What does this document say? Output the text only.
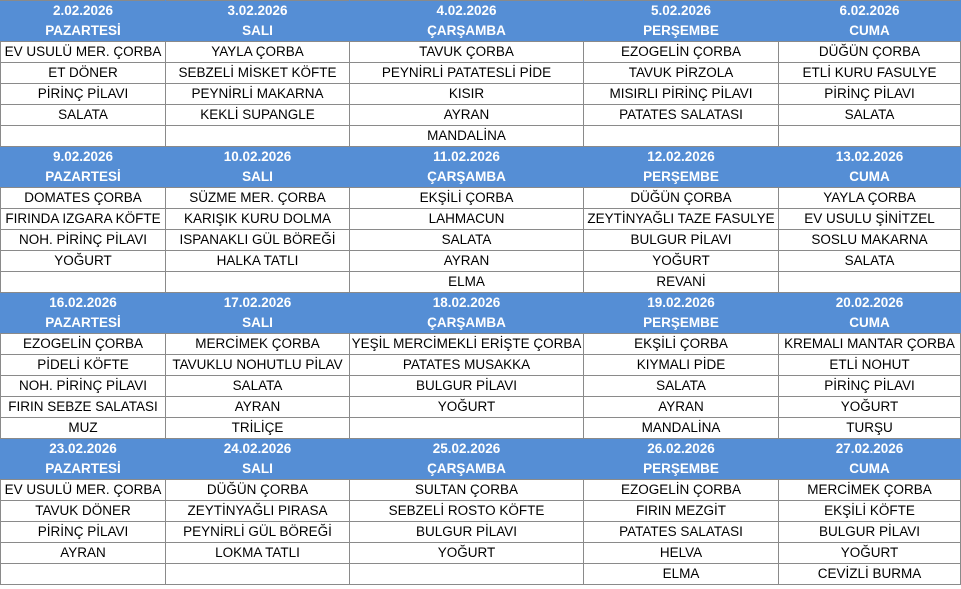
2.02.2026	3.02.2026	4.02.2026	5.02.2026	6.02.2026
PAZARTESİ	SALI	ÇARŞAMBA	PERŞEMBE	CUMA
EV USULÜ MER. ÇORBA	YAYLA ÇORBA	TAVUK ÇORBA	EZOGELİN ÇORBA	DÜĞÜN ÇORBA
ET DÖNER	SEBZELİ MİSKET KÖFTE	PEYNİRLİ PATATESLİ PİDE	TAVUK PİRZOLA	ETLİ KURU FASULYE
PİRİNÇ PİLAVI	PEYNİRLİ MAKARNA	KISIR	MISIRLI PİRİNÇ PİLAVI	PİRİNÇ PİLAVI
SALATA	KEKLİ SUPANGLE	AYRAN	PATATES SALATASI	SALATA
		MANDALİNA		
9.02.2026	10.02.2026	11.02.2026	12.02.2026	13.02.2026
PAZARTESİ	SALI	ÇARŞAMBA	PERŞEMBE	CUMA
DOMATES ÇORBA	SÜZME MER. ÇORBA	EKŞİLİ ÇORBA	DÜĞÜN ÇORBA	YAYLA ÇORBA
FIRINDA IZGARA KÖFTE	KARIŞIK KURU DOLMA	LAHMACUN	ZEYTİNYAĞLI TAZE FASULYE	EV USULU ŞİNİTZEL
NOH. PİRİNÇ PİLAVI	ISPANAKLI GÜL BÖREĞİ	SALATA	BULGUR PİLAVI	SOSLU MAKARNA
YOĞURT	HALKA TATLI	AYRAN	YOĞURT	SALATA
		ELMA	REVANİ	
16.02.2026	17.02.2026	18.02.2026	19.02.2026	20.02.2026
PAZARTESİ	SALI	ÇARŞAMBA	PERŞEMBE	CUMA
EZOGELİN ÇORBA	MERCİMEK ÇORBA	YEŞİL MERCİMEKLİ ERİŞTE ÇORBA	EKŞİLİ ÇORBA	KREMALI MANTAR ÇORBA
PİDELİ KÖFTE	TAVUKLU NOHUTLU PİLAV	PATATES MUSAKKA	KIYMALI PİDE	ETLİ NOHUT
NOH. PİRİNÇ PİLAVI	SALATA	BULGUR PİLAVI	SALATA	PİRİNÇ PİLAVI
FIRIN SEBZE SALATASI	AYRAN	YOĞURT	AYRAN	YOĞURT
MUZ	TRİLİÇE		MANDALİNA	TURŞU
23.02.2026	24.02.2026	25.02.2026	26.02.2026	27.02.2026
PAZARTESİ	SALI	ÇARŞAMBA	PERŞEMBE	CUMA
EV USULÜ MER. ÇORBA	DÜĞÜN ÇORBA	SULTAN ÇORBA	EZOGELİN ÇORBA	MERCİMEK ÇORBA
TAVUK DÖNER	ZEYTİNYAĞLI PIRASA	SEBZELİ ROSTO KÖFTE	FIRIN MEZGİT	EKŞİLİ KÖFTE
PİRİNÇ PİLAVI	PEYNİRLİ GÜL BÖREĞİ	BULGUR PİLAVI	PATATES SALATASI	BULGUR PİLAVI
AYRAN	LOKMA TATLI	YOĞURT	HELVA	YOĞURT
			ELMA	CEVİZLİ BURMA
